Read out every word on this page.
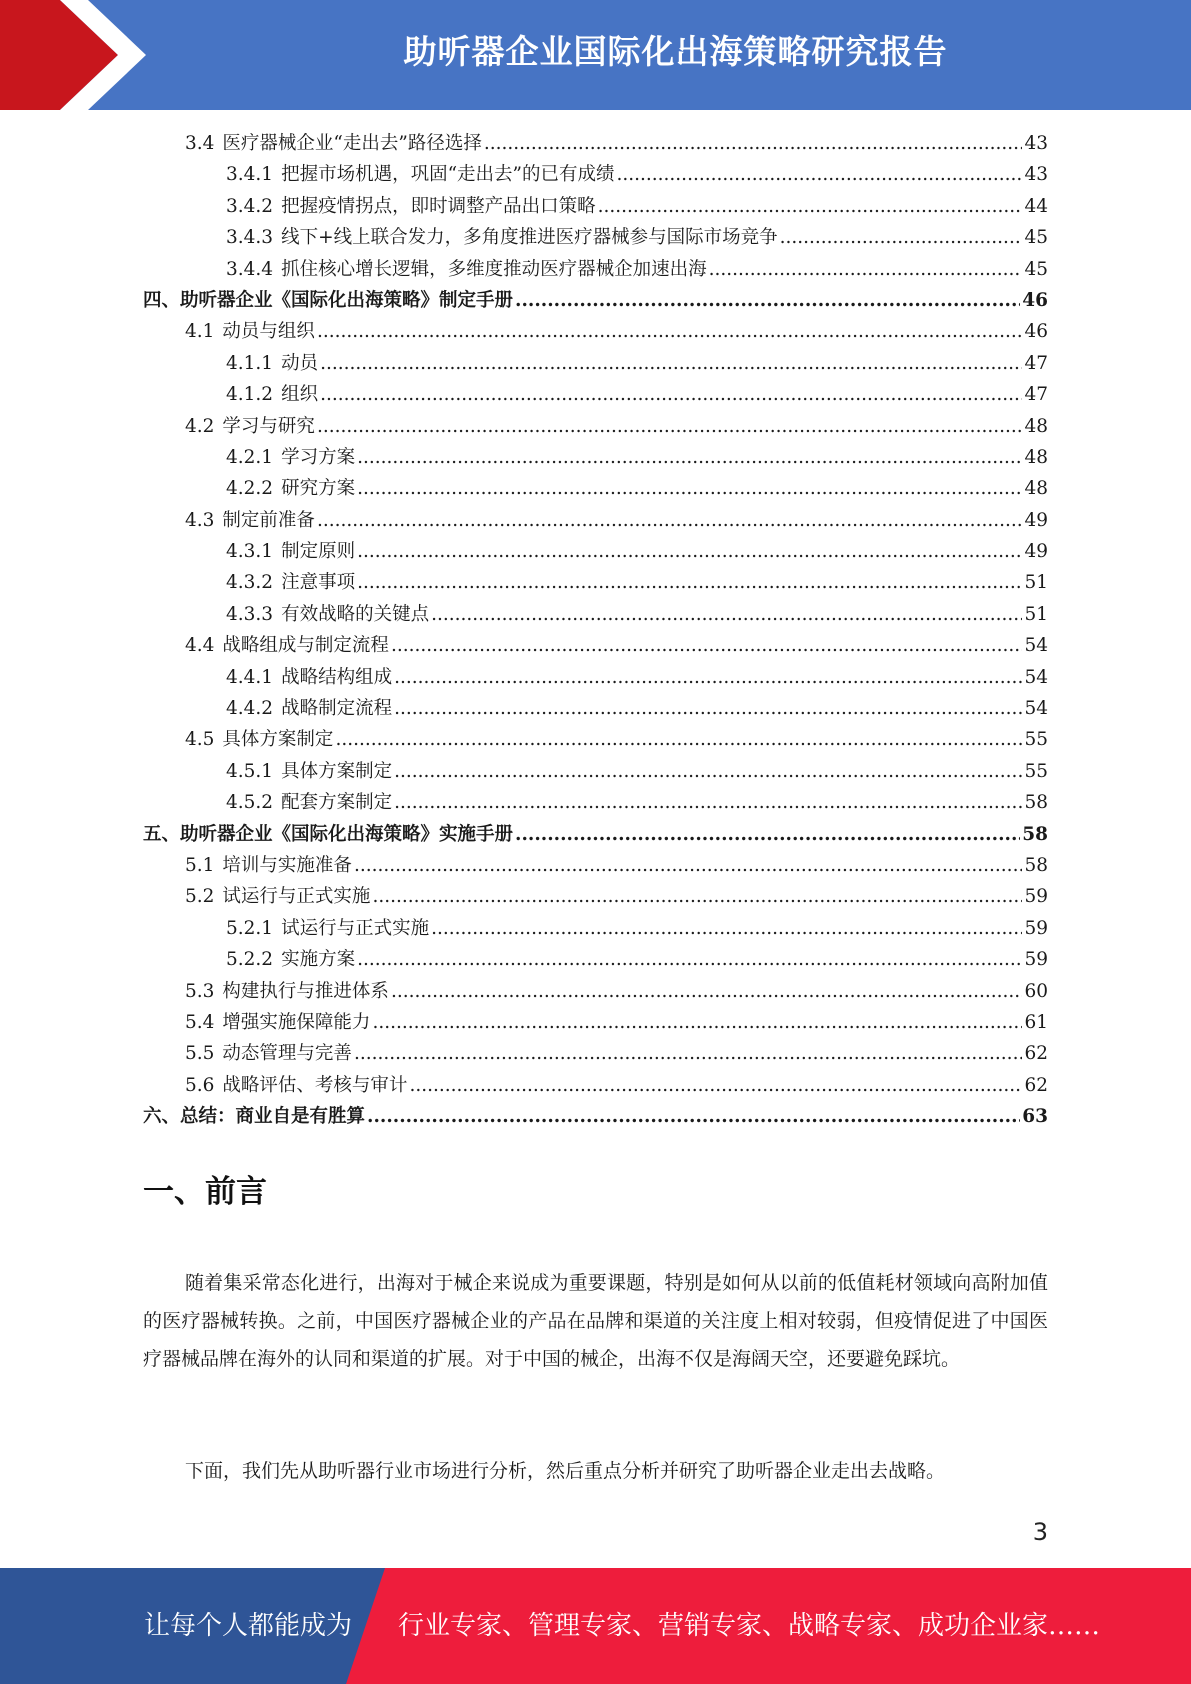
助听器企业国际化出海策略研究报告
3.4 医疗器械企业“走出去”路径选择 .....	43
3.4.1 把握市场机遇，巩固“走出去”的已有成绩 .....	43
3.4.2 把握疫情拐点，即时调整产品出口策略 .....	44
3.4.3 线下+线上联合发力，多角度推进医疗器械参与国际市场竞争 .....	45
3.4.4 抓住核心增长逻辑，多维度推动医疗器械企加速出海 .....	45
四、助听器企业《国际化出海策略》制定手册 .....	46
4.1 动员与组织 .....	46
4.1.1 动员 .....	47
4.1.2 组织 .....	47
4.2 学习与研究 .....	48
4.2.1 学习方案 .....	48
4.2.2 研究方案 .....	48
4.3 制定前准备 .....	49
4.3.1 制定原则 .....	49
4.3.2 注意事项 .....	51
4.3.3 有效战略的关键点 .....	51
4.4 战略组成与制定流程 .....	54
4.4.1 战略结构组成 .....	54
4.4.2 战略制定流程 .....	54
4.5 具体方案制定 .....	55
4.5.1 具体方案制定 .....	55
4.5.2 配套方案制定 .....	58
五、助听器企业《国际化出海策略》实施手册 .....	58
5.1 培训与实施准备 .....	58
5.2 试运行与正式实施 .....	59
5.2.1 试运行与正式实施 .....	59
5.2.2 实施方案 .....	59
5.3 构建执行与推进体系 .....	60
5.4 增强实施保障能力 .....	61
5.5 动态管理与完善 .....	62
5.6 战略评估、考核与审计 .....	62
六、总结：商业自是有胜算 .....	63
一、前言
随着集采常态化进行，出海对于械企来说成为重要课题，特别是如何从以前的低值耗材领域向高附加值的医疗器械转换。之前，中国医疗器械企业的产品在品牌和渠道的关注度上相对较弱，但疫情促进了中国医疗器械品牌在海外的认同和渠道的扩展。对于中国的械企，出海不仅是海阔天空，还要避免踩坑。
下面，我们先从助听器行业市场进行分析，然后重点分析并研究了助听器企业走出去战略。
3
让每个人都能成为 行业专家、管理专家、营销专家、战略专家、成功企业家……
